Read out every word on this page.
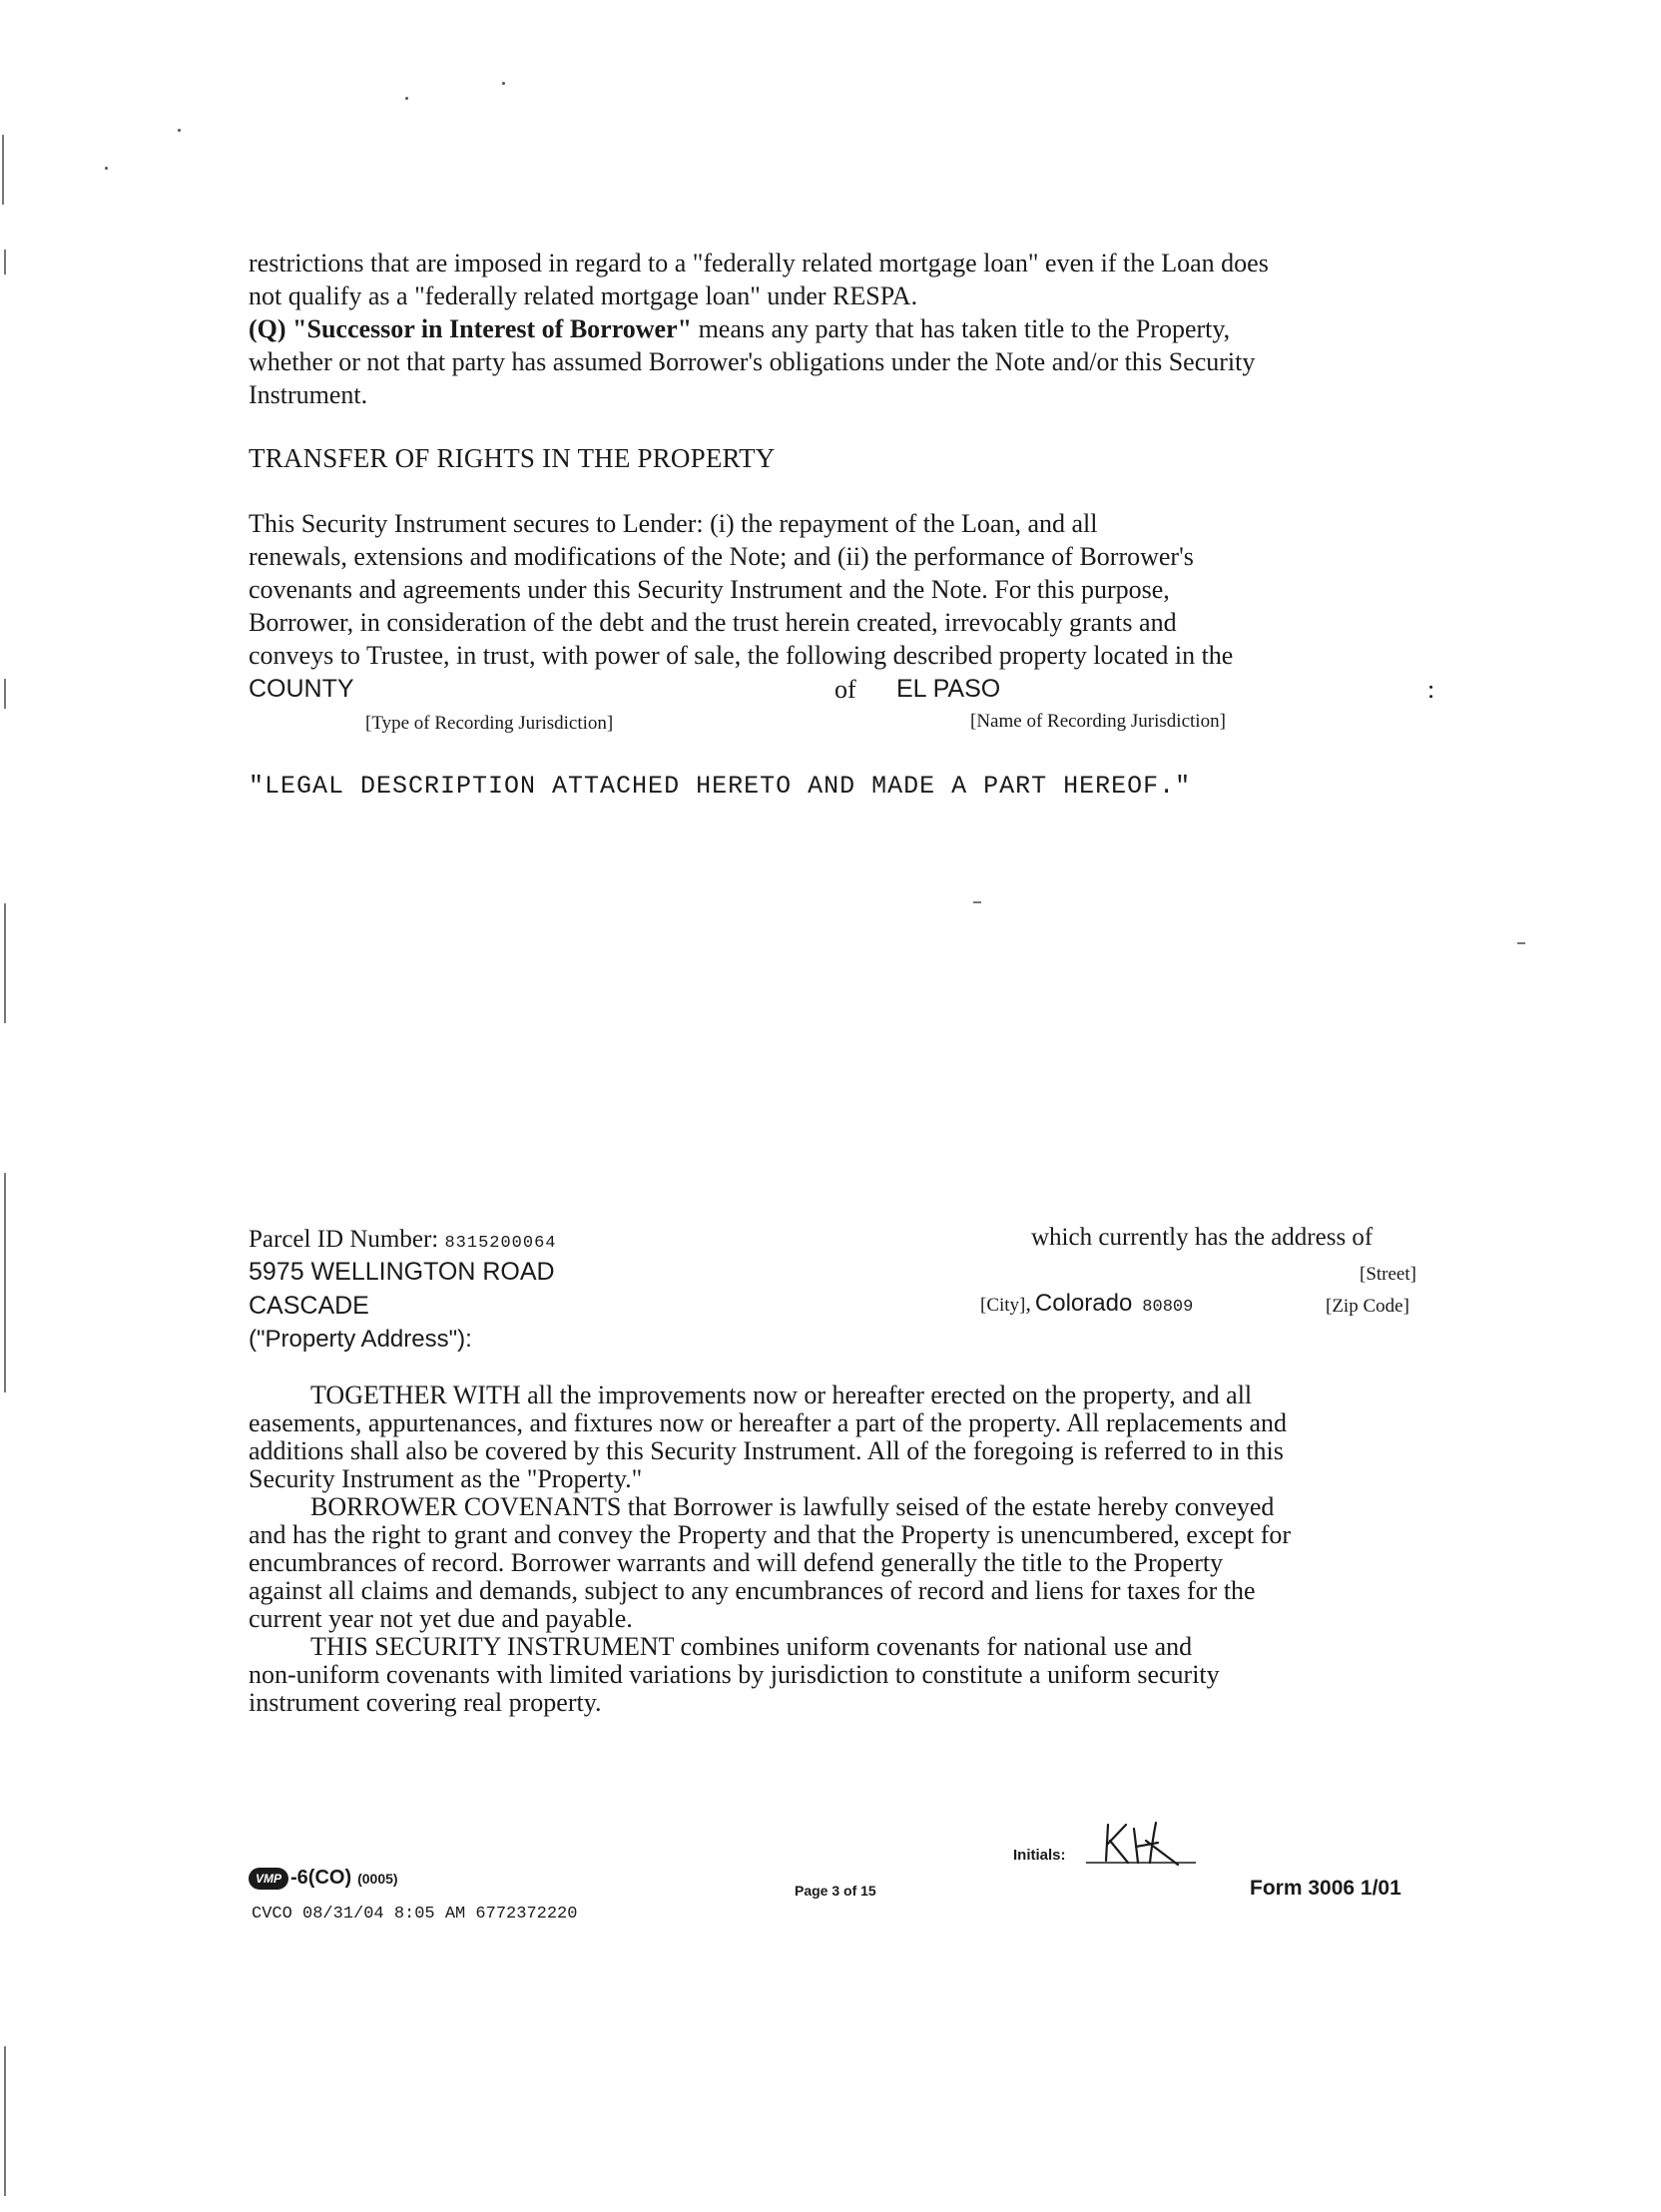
restrictions that are imposed in regard to a "federally related mortgage loan" even if the Loan does
not qualify as a "federally related mortgage loan" under RESPA.
(Q) "Successor in Interest of Borrower" means any party that has taken title to the Property,
whether or not that party has assumed Borrower's obligations under the Note and/or this Security
Instrument.
TRANSFER OF RIGHTS IN THE PROPERTY
This Security Instrument secures to Lender: (i) the repayment of the Loan, and all
renewals, extensions and modifications of the Note; and (ii) the performance of Borrower's
covenants and agreements under this Security Instrument and the Note. For this purpose,
Borrower, in consideration of the debt and the trust herein created, irrevocably grants and
conveys to Trustee, in trust, with power of sale, the following described property located in the
COUNTY	of EL PASO	:
[Type of Recording Jurisdiction]	[Name of Recording Jurisdiction]
"LEGAL DESCRIPTION ATTACHED HERETO AND MADE A PART HEREOF."
Parcel ID Number: 8315200064	which currently has the address of
5975 WELLINGTON ROAD	[Street]
CASCADE	[City], Colorado 80809	[Zip Code]
("Property Address"):
TOGETHER WITH all the improvements now or hereafter erected on the property, and all
easements, appurtenances, and fixtures now or hereafter a part of the property. All replacements and
additions shall also be covered by this Security Instrument. All of the foregoing is referred to in this
Security Instrument as the "Property."
BORROWER COVENANTS that Borrower is lawfully seised of the estate hereby conveyed
and has the right to grant and convey the Property and that the Property is unencumbered, except for
encumbrances of record. Borrower warrants and will defend generally the title to the Property
against all claims and demands, subject to any encumbrances of record and liens for taxes for the
current year not yet due and payable.
THIS SECURITY INSTRUMENT combines uniform covenants for national use and
non-uniform covenants with limited variations by jurisdiction to constitute a uniform security
instrument covering real property.
VMP -6(CO) (0005)
CVCO 08/31/04 8:05 AM 6772372220
Page 3 of 15
Initials:
Form 3006 1/01
